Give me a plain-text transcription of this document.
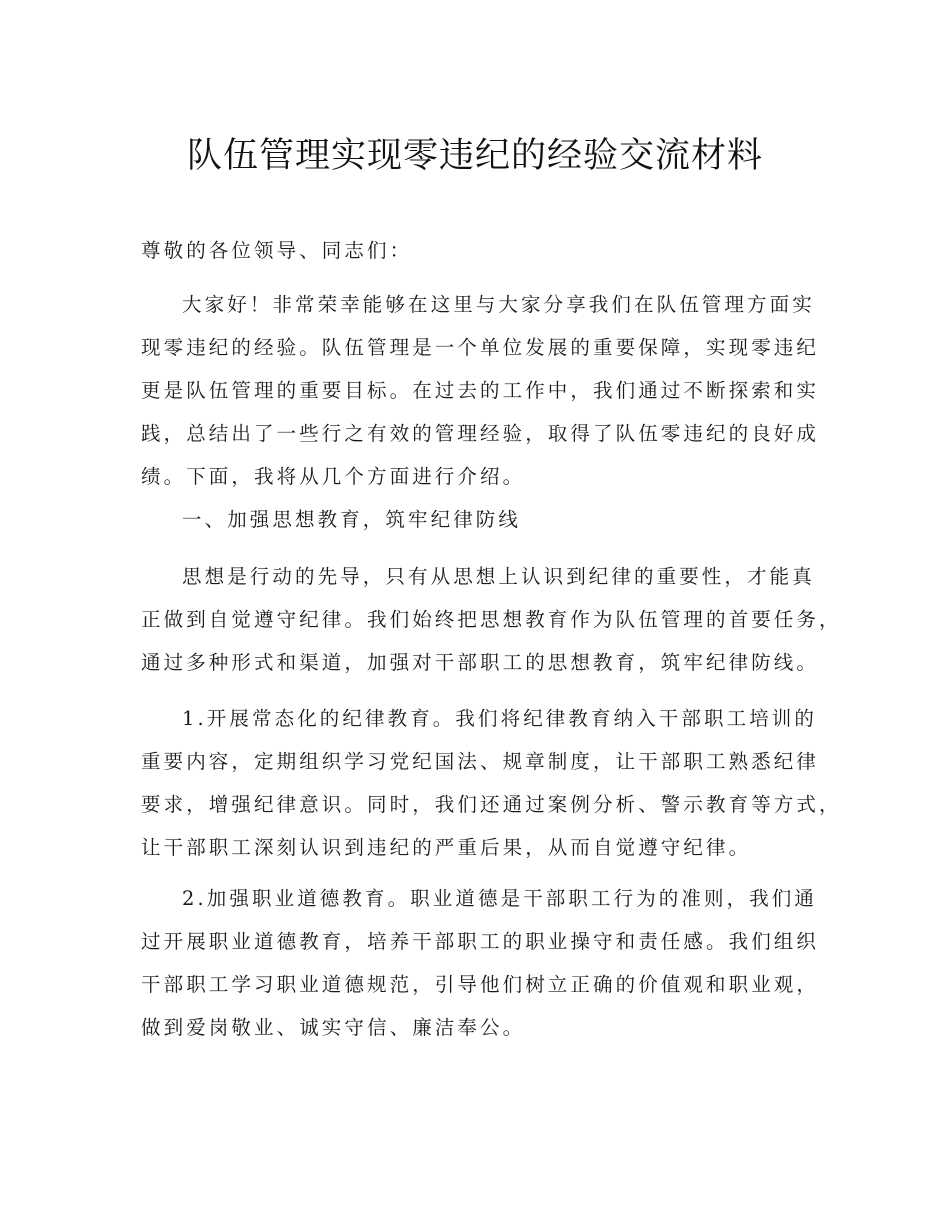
队伍管理实现零违纪的经验交流材料
尊敬的各位领导、同志们：
大家好！非常荣幸能够在这里与大家分享我们在队伍管理方面实
现零违纪的经验。队伍管理是一个单位发展的重要保障，实现零违纪
更是队伍管理的重要目标。在过去的工作中，我们通过不断探索和实
践，总结出了一些行之有效的管理经验，取得了队伍零违纪的良好成
绩。下面，我将从几个方面进行介绍。
一、加强思想教育，筑牢纪律防线
思想是行动的先导，只有从思想上认识到纪律的重要性，才能真
正做到自觉遵守纪律。我们始终把思想教育作为队伍管理的首要任务，
通过多种形式和渠道，加强对干部职工的思想教育，筑牢纪律防线。
1.开展常态化的纪律教育。我们将纪律教育纳入干部职工培训的
重要内容，定期组织学习党纪国法、规章制度，让干部职工熟悉纪律
要求，增强纪律意识。同时，我们还通过案例分析、警示教育等方式，
让干部职工深刻认识到违纪的严重后果，从而自觉遵守纪律。
2.加强职业道德教育。职业道德是干部职工行为的准则，我们通
过开展职业道德教育，培养干部职工的职业操守和责任感。我们组织
干部职工学习职业道德规范，引导他们树立正确的价值观和职业观，
做到爱岗敬业、诚实守信、廉洁奉公。
